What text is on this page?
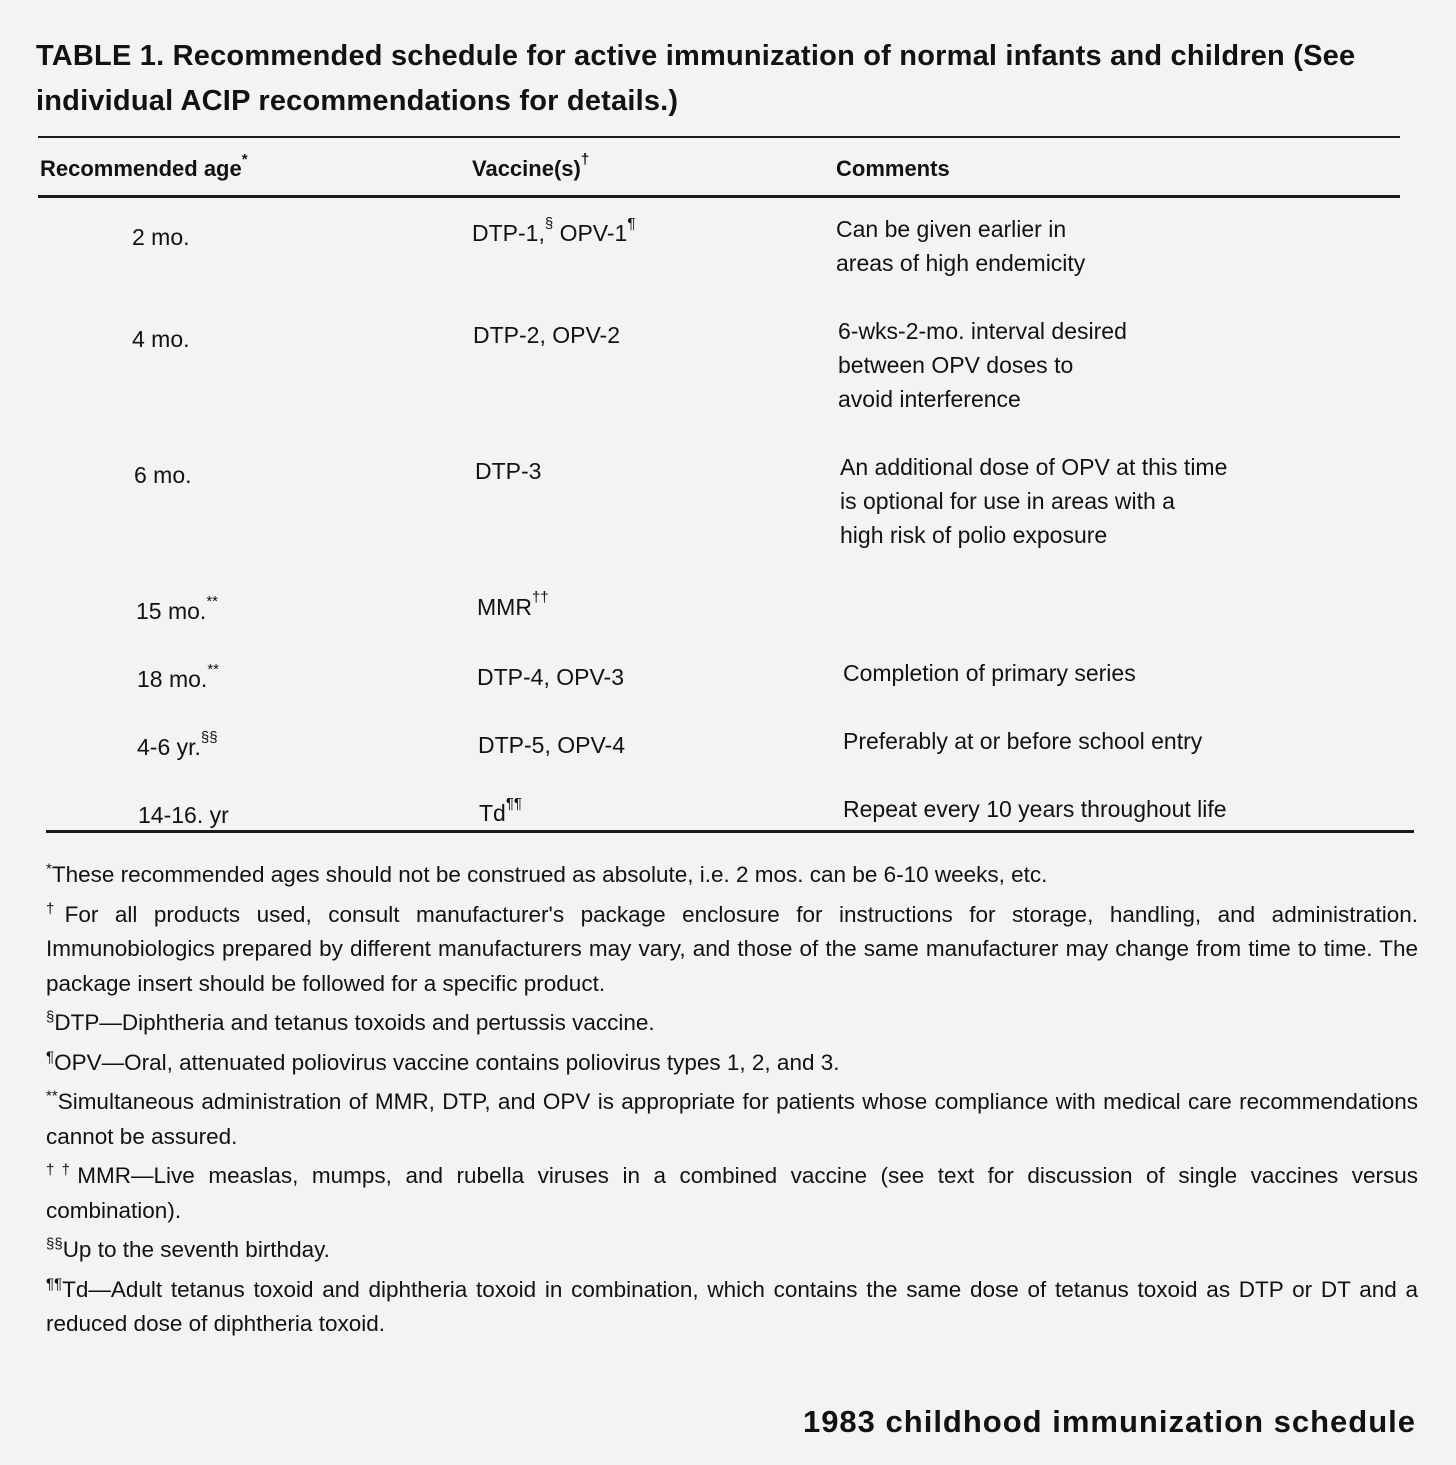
TABLE 1. Recommended schedule for active immunization of normal infants and children (See individual ACIP recommendations for details.)
Recommended age*	Vaccine(s)†	Comments
2 mo.	DTP-1,§ OPV-1¶	Can be given earlier in
areas of high endemicity
4 mo.	DTP-2, OPV-2	6-wks-2-mo. interval desired
between OPV doses to
avoid interference
6 mo.	DTP-3	An additional dose of OPV at this time
is optional for use in areas with a
high risk of polio exposure
15 mo.**	MMR††
18 mo.**	DTP-4, OPV-3	Completion of primary series
4-6 yr.§§	DTP-5, OPV-4	Preferably at or before school entry
14-16. yr	Td¶¶	Repeat every 10 years throughout life

*These recommended ages should not be construed as absolute, i.e. 2 mos. can be 6-10 weeks, etc.

†For all products used, consult manufacturer's package enclosure for instructions for storage, handling, and administration. Immunobiologics prepared by different manufacturers may vary, and those of the same manufacturer may change from time to time. The package insert should be followed for a specific product.

§DTP—Diphtheria and tetanus toxoids and pertussis vaccine.

¶OPV—Oral, attenuated poliovirus vaccine contains poliovirus types 1, 2, and 3.

**Simultaneous administration of MMR, DTP, and OPV is appropriate for patients whose compliance with medical care recommendations cannot be assured.

††MMR—Live measlas, mumps, and rubella viruses in a combined vaccine (see text for discussion of single vaccines versus combination).

§§Up to the seventh birthday.

¶¶Td—Adult tetanus toxoid and diphtheria toxoid in combination, which contains the same dose of tetanus toxoid as DTP or DT and a reduced dose of diphtheria toxoid.

1983 childhood immunization schedule
